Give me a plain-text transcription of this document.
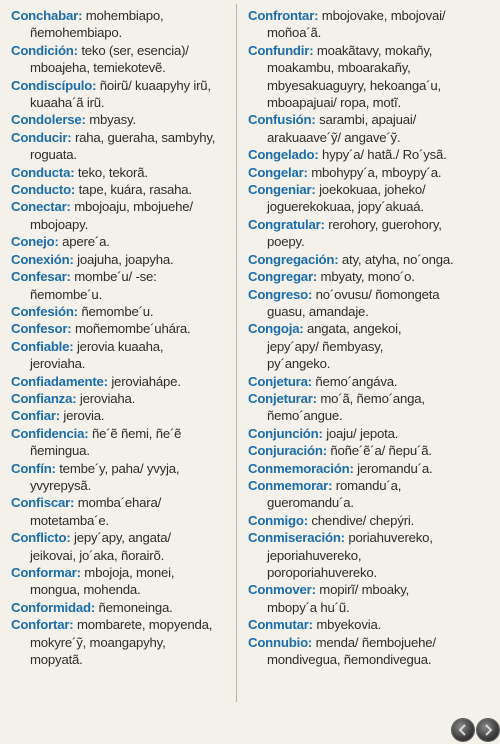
Conchabar: mohembiapo,
ñemohembiapo.
Condición: teko (ser, esencia)/
mboajeha, temiekotevẽ.
Condiscípulo: ñoirũ/ kuaapyhy irũ,
kuaaha´ã irũ.
Condolerse: mbyasy.
Conducir: raha, gueraha, sambyhy,
roguata.
Conducta: teko, tekorã.
Conducto: tape, kuára, rasaha.
Conectar: mbojoaju, mbojuehe/
mbojoapy.
Conejo: apere´a.
Conexión: joajuha, joapyha.
Confesar: mombe´u/ -se:
ñemombe´u.
Confesión: ñemombe´u.
Confesor: moñemombe´uhára.
Confiable: jerovia kuaaha,
jeroviaha.
Confiadamente: jeroviahápe.
Confianza: jeroviaha.
Confiar: jerovia.
Confidencia: ñe´ẽ ñemi, ñe´ẽ
ñemingua.
Confín: tembe´y, paha/ yvyja,
yvyrepysã.
Confiscar: momba´ehara/
motetamba´e.
Conflicto: jepy´apy, angata/
jeikovai, jo´aka, ñorairõ.
Conformar: mbojoja, monei,
mongua, mohenda.
Conformidad: ñemoneinga.
Confortar: mombarete, mopyenda,
mokyre´ỹ, moangapyhy,
mopyatã.
Confrontar: mbojovake, mbojovai/
moñoa´ã.
Confundir: moakãtavy, mokañy,
moakambu, mboarakañy,
mbyesakuaguyry, hekoanga´u,
mboapajuai/ ropa, motĩ.
Confusión: sarambi, apajuai/
arakuaave´ỹ/ angave´ỹ.
Congelado: hypy´a/ hatã./ Ro´ysã.
Congelar: mbohypy´a, mboypy´a.
Congeniar: joekokuaa, joheko/
joguerekokuaa, jopy´akuaá.
Congratular: rerohory, guerohory,
poepy.
Congregación: aty, atyha, no´onga.
Congregar: mbyaty, mono´o.
Congreso: no´ovusu/ ñomongeta
guasu, amandaje.
Congoja: angata, angekoi,
jepy´apy/ ñembyasy,
py´angeko.
Conjetura: ñemo´angáva.
Conjeturar: mo´ã, ñemo´anga,
ñemo´angue.
Conjunción: joaju/ jepota.
Conjuración: ñoñe´ẽ´a/ ñepu´ã.
Conmemoración: jeromandu´a.
Conmemorar: romandu´a,
gueromandu´a.
Conmigo: chendive/ chepýri.
Conmiseración: poriahuvereko,
jeporiahuvereko,
poroporiahuvereko.
Conmover: mopirĩ/ mboaky,
mbopy´a hu´ũ.
Conmutar: mbyekovia.
Connubio: menda/ ñembojuehe/
mondivegua, ñemondivegua.
